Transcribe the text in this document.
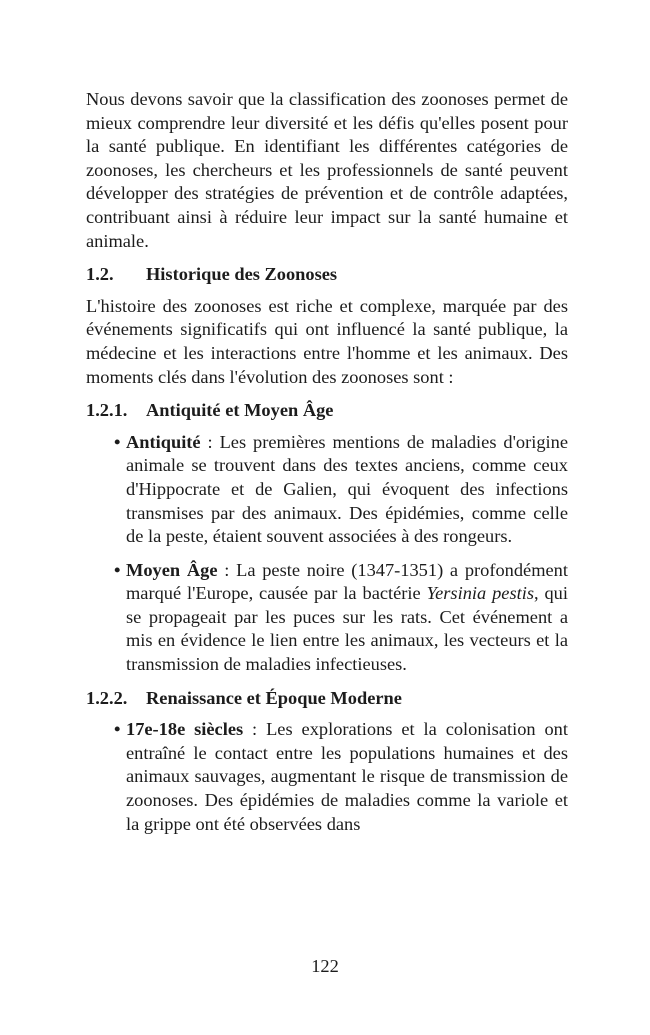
Nous devons savoir que la classification des zoonoses permet de mieux comprendre leur diversité et les défis qu'elles posent pour la santé publique. En identifiant les différentes catégories de zoonoses, les chercheurs et les professionnels de santé peuvent développer des stratégies de prévention et de contrôle adaptées, contribuant ainsi à réduire leur impact sur la santé humaine et animale.

1.2.	Historique des Zoonoses

L'histoire des zoonoses est riche et complexe, marquée par des événements significatifs qui ont influencé la santé publique, la médecine et les interactions entre l'homme et les animaux. Des moments clés dans l'évolution des zoonoses sont :

1.2.1.	Antiquité et Moyen Âge
• Antiquité : Les premières mentions de maladies d'origine animale se trouvent dans des textes anciens, comme ceux d'Hippocrate et de Galien, qui évoquent des infections transmises par des animaux. Des épidémies, comme celle de la peste, étaient souvent associées à des rongeurs.
• Moyen Âge : La peste noire (1347-1351) a profondément marqué l'Europe, causée par la bactérie Yersinia pestis, qui se propageait par les puces sur les rats. Cet événement a mis en évidence le lien entre les animaux, les vecteurs et la transmission de maladies infectieuses.
1.2.2.	Renaissance et Époque Moderne
• 17e-18e siècles : Les explorations et la colonisation ont entraîné le contact entre les populations humaines et des animaux sauvages, augmentant le risque de transmission de zoonoses. Des épidémies de maladies comme la variole et la grippe ont été observées dans
122
